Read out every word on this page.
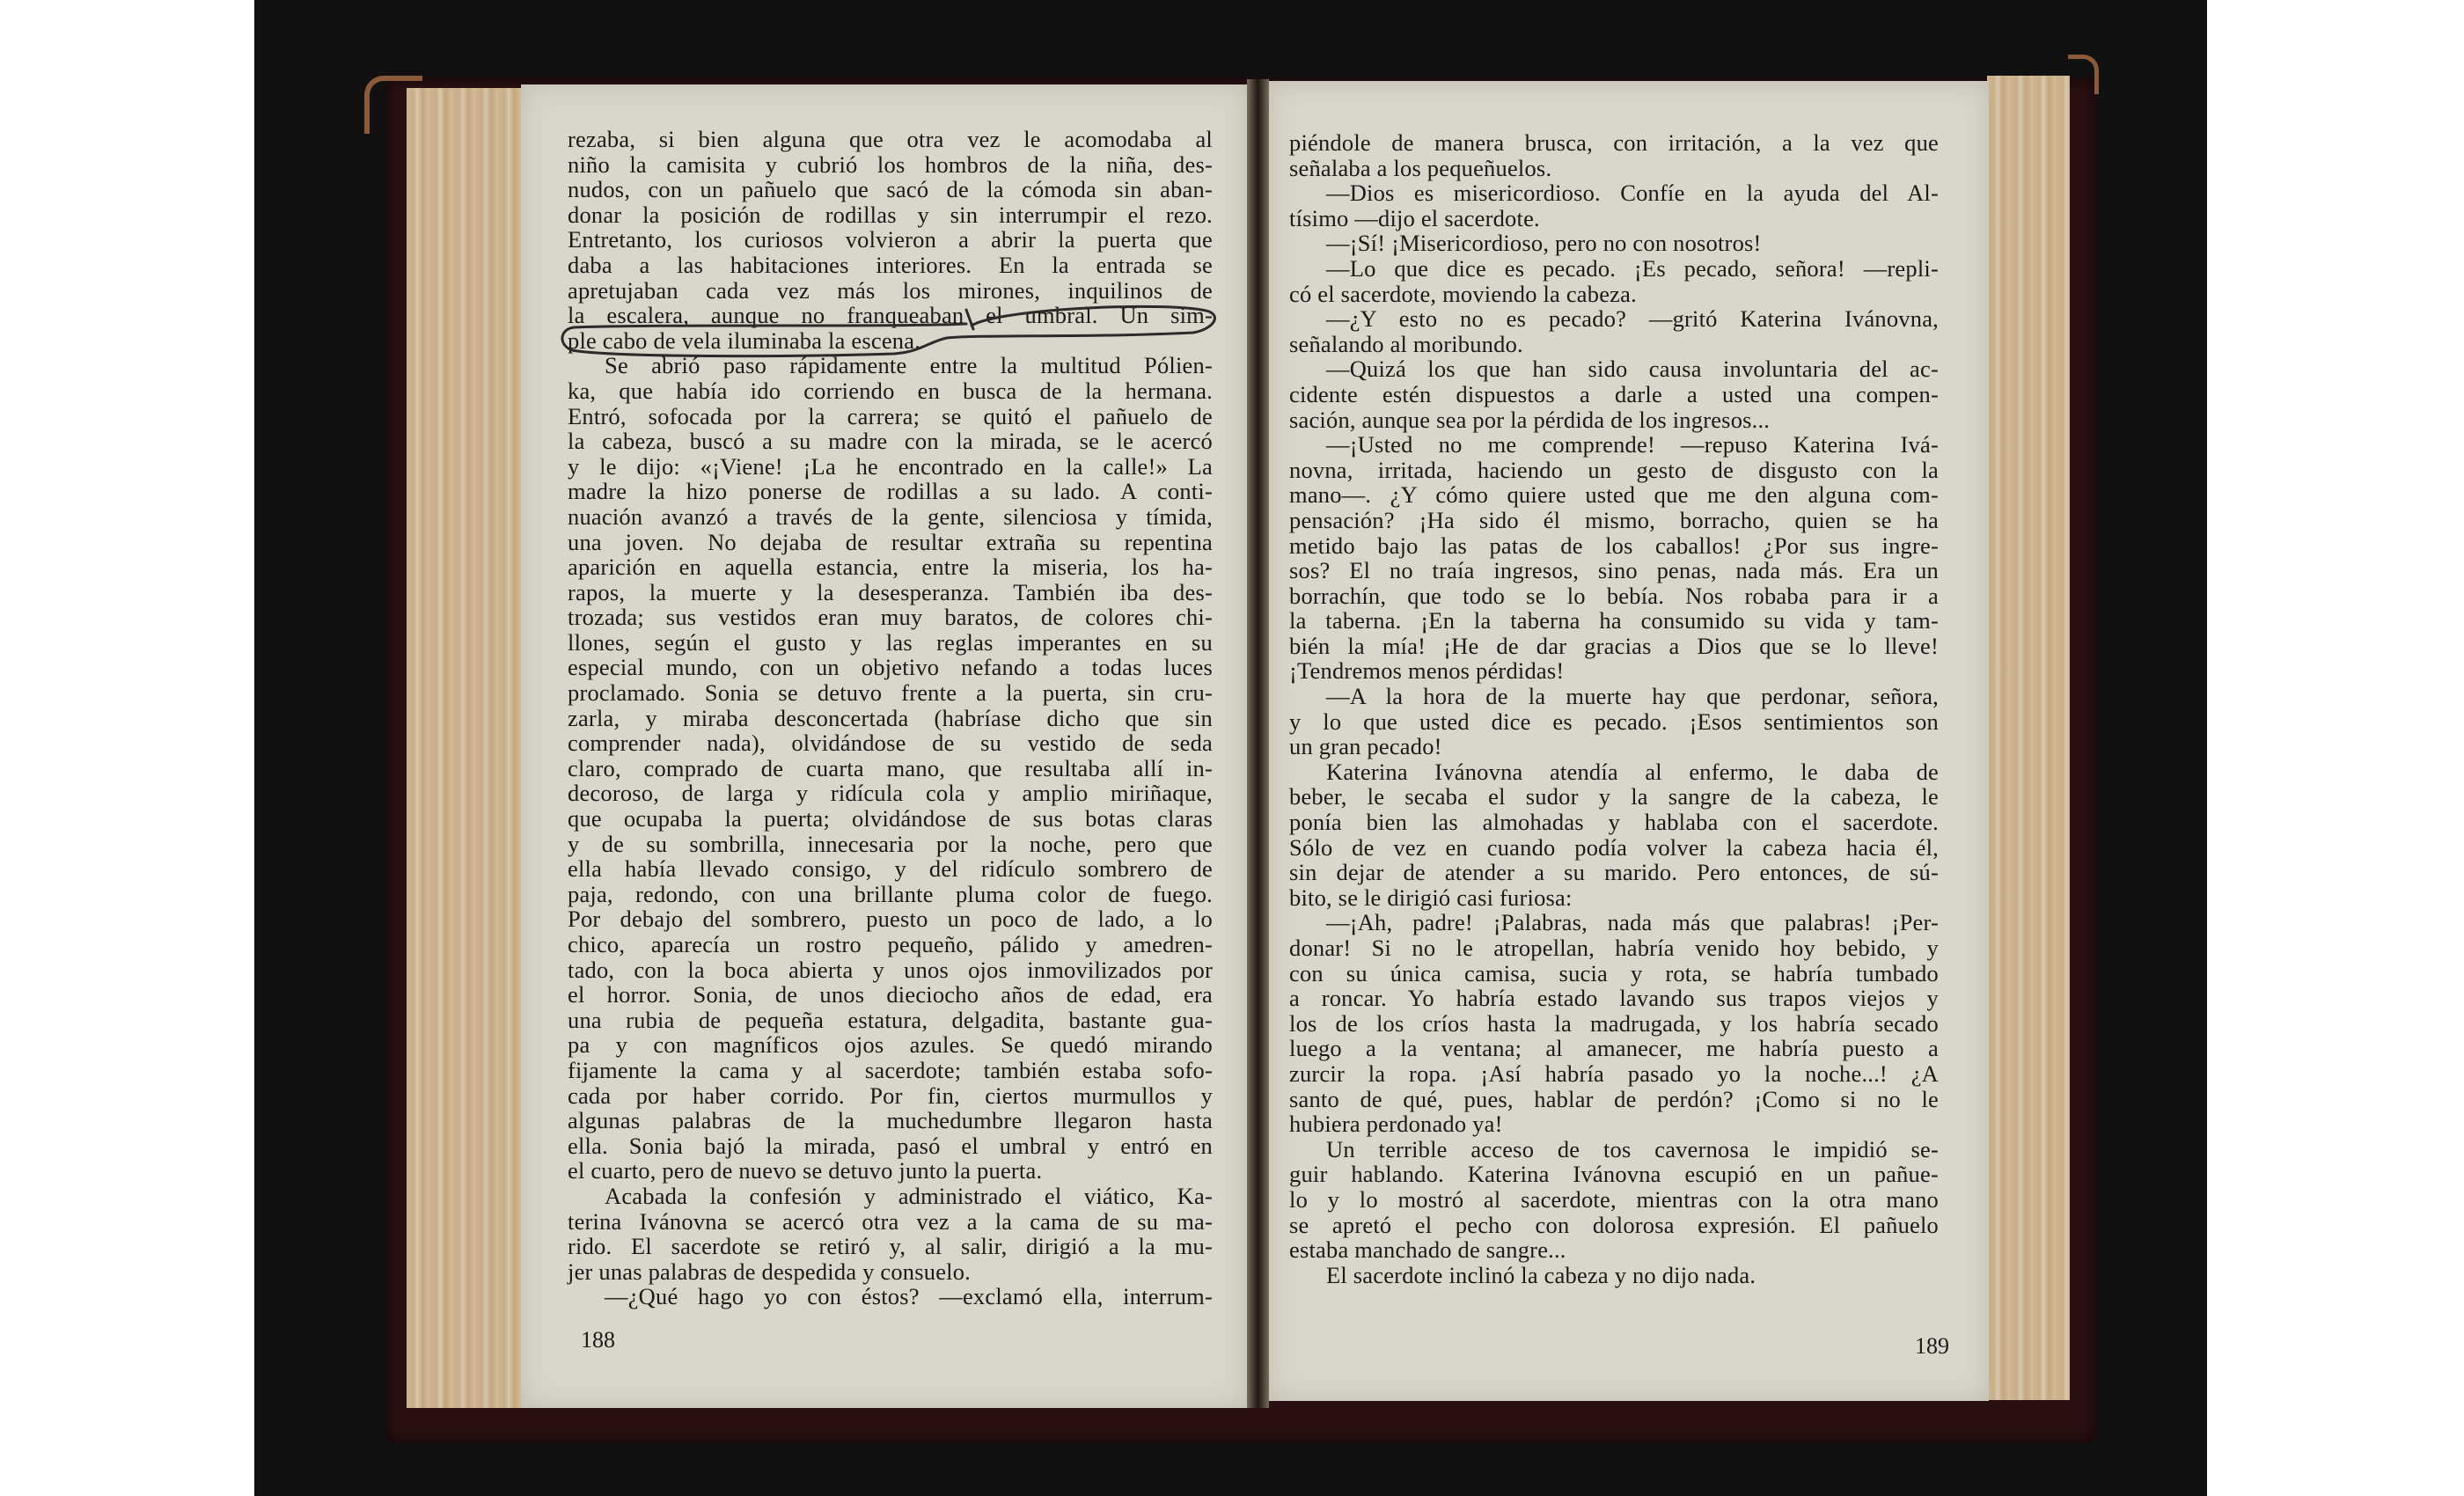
rezaba, si bien alguna que otra vez le acomodaba al
niño la camisita y cubrió los hombros de la niña, des-
nudos, con un pañuelo que sacó de la cómoda sin aban-
donar la posición de rodillas y sin interrumpir el rezo.
Entretanto, los curiosos volvieron a abrir la puerta que
daba a las habitaciones interiores. En la entrada se
apretujaban cada vez más los mirones, inquilinos de
la escalera, aunque no franqueaban el umbral. Un sim-
ple cabo de vela iluminaba la escena.
Se abrió paso rápidamente entre la multitud Pólien-
ka, que había ido corriendo en busca de la hermana.
Entró, sofocada por la carrera; se quitó el pañuelo de
la cabeza, buscó a su madre con la mirada, se le acercó
y le dijo: «¡Viene! ¡La he encontrado en la calle!» La
madre la hizo ponerse de rodillas a su lado. A conti-
nuación avanzó a través de la gente, silenciosa y tímida,
una joven. No dejaba de resultar extraña su repentina
aparición en aquella estancia, entre la miseria, los ha-
rapos, la muerte y la desesperanza. También iba des-
trozada; sus vestidos eran muy baratos, de colores chi-
llones, según el gusto y las reglas imperantes en su
especial mundo, con un objetivo nefando a todas luces
proclamado. Sonia se detuvo frente a la puerta, sin cru-
zarla, y miraba desconcertada (habríase dicho que sin
comprender nada), olvidándose de su vestido de seda
claro, comprado de cuarta mano, que resultaba allí in-
decoroso, de larga y ridícula cola y amplio miriñaque,
que ocupaba la puerta; olvidándose de sus botas claras
y de su sombrilla, innecesaria por la noche, pero que
ella había llevado consigo, y del ridículo sombrero de
paja, redondo, con una brillante pluma color de fuego.
Por debajo del sombrero, puesto un poco de lado, a lo
chico, aparecía un rostro pequeño, pálido y amedren-
tado, con la boca abierta y unos ojos inmovilizados por
el horror. Sonia, de unos dieciocho años de edad, era
una rubia de pequeña estatura, delgadita, bastante gua-
pa y con magníficos ojos azules. Se quedó mirando
fijamente la cama y al sacerdote; también estaba sofo-
cada por haber corrido. Por fin, ciertos murmullos y
algunas palabras de la muchedumbre llegaron hasta
ella. Sonia bajó la mirada, pasó el umbral y entró en
el cuarto, pero de nuevo se detuvo junto la puerta.
Acabada la confesión y administrado el viático, Ka-
terina Ivánovna se acercó otra vez a la cama de su ma-
rido. El sacerdote se retiró y, al salir, dirigió a la mu-
jer unas palabras de despedida y consuelo.
—¿Qué hago yo con éstos? —exclamó ella, interrum-
piéndole de manera brusca, con irritación, a la vez que
señalaba a los pequeñuelos.
—Dios es misericordioso. Confíe en la ayuda del Al-
tísimo —dijo el sacerdote.
—¡Sí! ¡Misericordioso, pero no con nosotros!
—Lo que dice es pecado. ¡Es pecado, señora! —repli-
có el sacerdote, moviendo la cabeza.
—¿Y esto no es pecado? —gritó Katerina Ivánovna,
señalando al moribundo.
—Quizá los que han sido causa involuntaria del ac-
cidente estén dispuestos a darle a usted una compen-
sación, aunque sea por la pérdida de los ingresos...
—¡Usted no me comprende! —repuso Katerina Ivá-
novna, irritada, haciendo un gesto de disgusto con la
mano—. ¿Y cómo quiere usted que me den alguna com-
pensación? ¡Ha sido él mismo, borracho, quien se ha
metido bajo las patas de los caballos! ¿Por sus ingre-
sos? El no traía ingresos, sino penas, nada más. Era un
borrachín, que todo se lo bebía. Nos robaba para ir a
la taberna. ¡En la taberna ha consumido su vida y tam-
bién la mía! ¡He de dar gracias a Dios que se lo lleve!
¡Tendremos menos pérdidas!
—A la hora de la muerte hay que perdonar, señora,
y lo que usted dice es pecado. ¡Esos sentimientos son
un gran pecado!
Katerina Ivánovna atendía al enfermo, le daba de
beber, le secaba el sudor y la sangre de la cabeza, le
ponía bien las almohadas y hablaba con el sacerdote.
Sólo de vez en cuando podía volver la cabeza hacia él,
sin dejar de atender a su marido. Pero entonces, de sú-
bito, se le dirigió casi furiosa:
—¡Ah, padre! ¡Palabras, nada más que palabras! ¡Per-
donar! Si no le atropellan, habría venido hoy bebido, y
con su única camisa, sucia y rota, se habría tumbado
a roncar. Yo habría estado lavando sus trapos viejos y
los de los críos hasta la madrugada, y los habría secado
luego a la ventana; al amanecer, me habría puesto a
zurcir la ropa. ¡Así habría pasado yo la noche...! ¿A
santo de qué, pues, hablar de perdón? ¡Como si no le
hubiera perdonado ya!
Un terrible acceso de tos cavernosa le impidió se-
guir hablando. Katerina Ivánovna escupió en un pañue-
lo y lo mostró al sacerdote, mientras con la otra mano
se apretó el pecho con dolorosa expresión. El pañuelo
estaba manchado de sangre...
El sacerdote inclinó la cabeza y no dijo nada.
188	189
